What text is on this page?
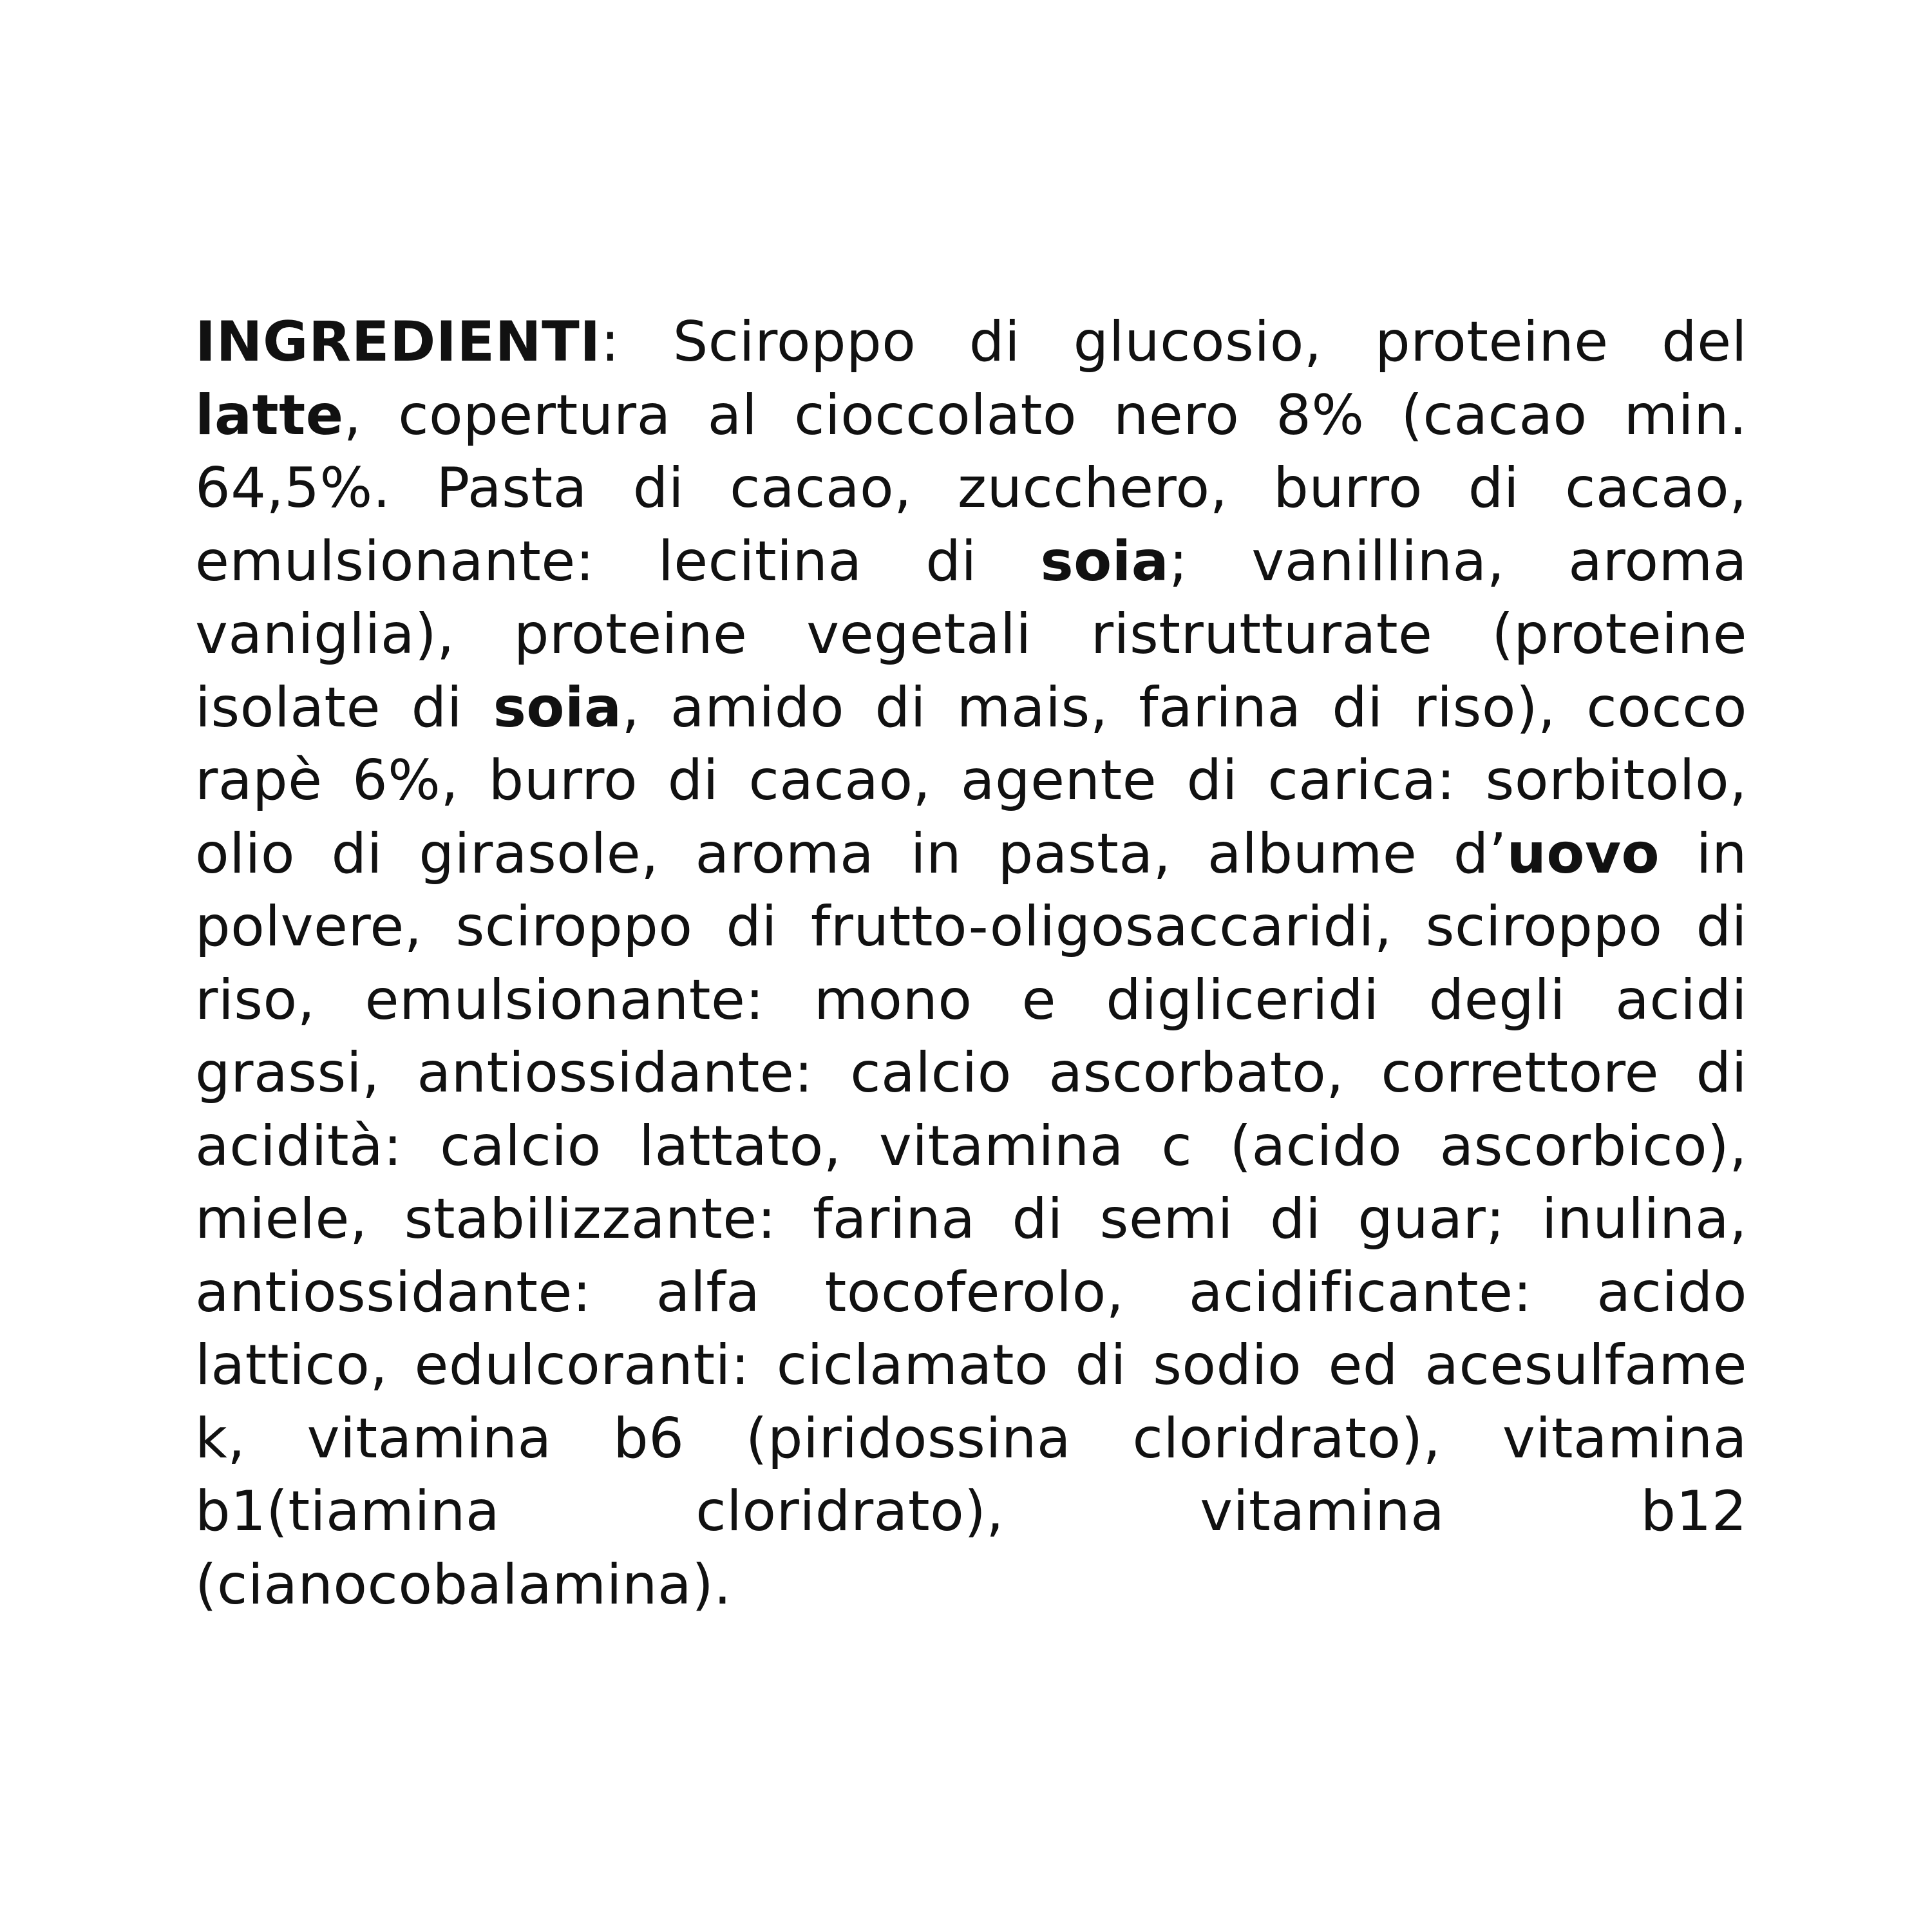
INGREDIENTI: Sciroppo di glucosio, proteine del latte, copertura al cioccolato nero 8% (cacao min. 64,5%. Pasta di cacao, zucchero, burro di cacao, emulsionante: lecitina di soia; vanillina, aroma vaniglia), proteine vegetali ristrutturate (proteine isolate di soia, amido di mais, farina di riso), cocco rapè 6%, burro di cacao, agente di carica: sorbitolo, olio di girasole, aroma in pasta, albume d’uovo in polvere, sciroppo di frutto-oligosaccaridi, sciroppo di riso, emulsionante: mono e digliceridi degli acidi grassi, antiossidante: calcio ascorbato, correttore di acidità: calcio lattato, vitamina c (acido ascorbico), miele, stabilizzante: farina di semi di guar; inulina, antiossidante: alfa tocoferolo, acidificante: acido lattico, edulcoranti: ciclamato di sodio ed acesulfame k, vitamina b6 (piridossina cloridrato), vitamina b1(tiamina cloridrato), vitamina b12 (cianocobalamina).
